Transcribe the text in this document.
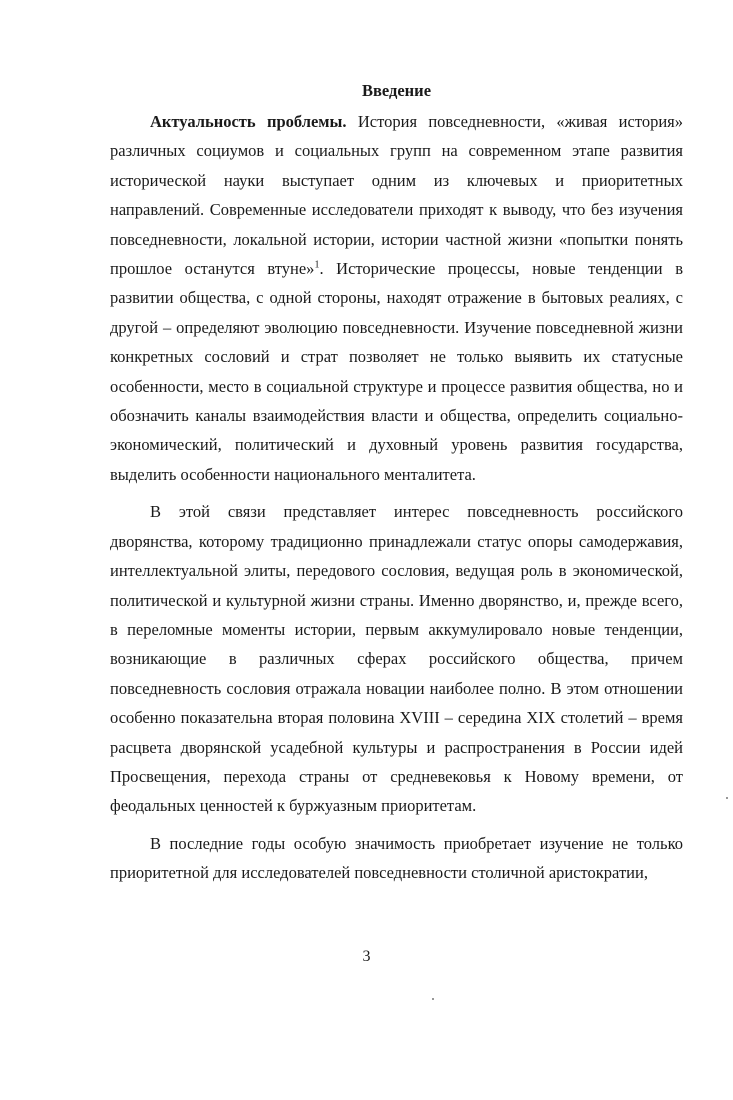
Введение

Актуальность проблемы. История повседневности, «живая история» различных социумов и социальных групп на современном этапе развития исторической науки выступает одним из ключевых и приоритетных направлений. Современные исследователи приходят к выводу, что без изучения повседневности, локальной истории, истории частной жизни «попытки понять прошлое останутся втуне»$^1$. Исторические процессы, новые тенденции в развитии общества, с одной стороны, находят отражение в бытовых реалиях, с другой – определяют эволюцию повседневности. Изучение повседневной жизни конкретных сословий и страт позволяет не только выявить их статусные особенности, место в социальной структуре и процессе развития общества, но и обозначить каналы взаимодействия власти и общества, определить социально-экономический, политический и духовный уровень развития государства, выделить особенности национального менталитета.

В этой связи представляет интерес повседневность российского дворянства, которому традиционно принадлежали статус опоры самодержавия, интеллектуальной элиты, передового сословия, ведущая роль в экономической, политической и культурной жизни страны. Именно дворянство, и, прежде всего, в переломные моменты истории, первым аккумулировало новые тенденции, возникающие в различных сферах российского общества, причем повседневность сословия отражала новации наиболее полно. В этом отношении особенно показательна вторая половина XVIII – середина XIX столетий – время расцвета дворянской усадебной культуры и распространения в России идей Просвещения, перехода страны от средневековья к Новому времени, от феодальных ценностей к буржуазным приоритетам.

В последние годы особую значимость приобретает изучение не только приоритетной для исследователей повседневности столичной аристократии,

3
